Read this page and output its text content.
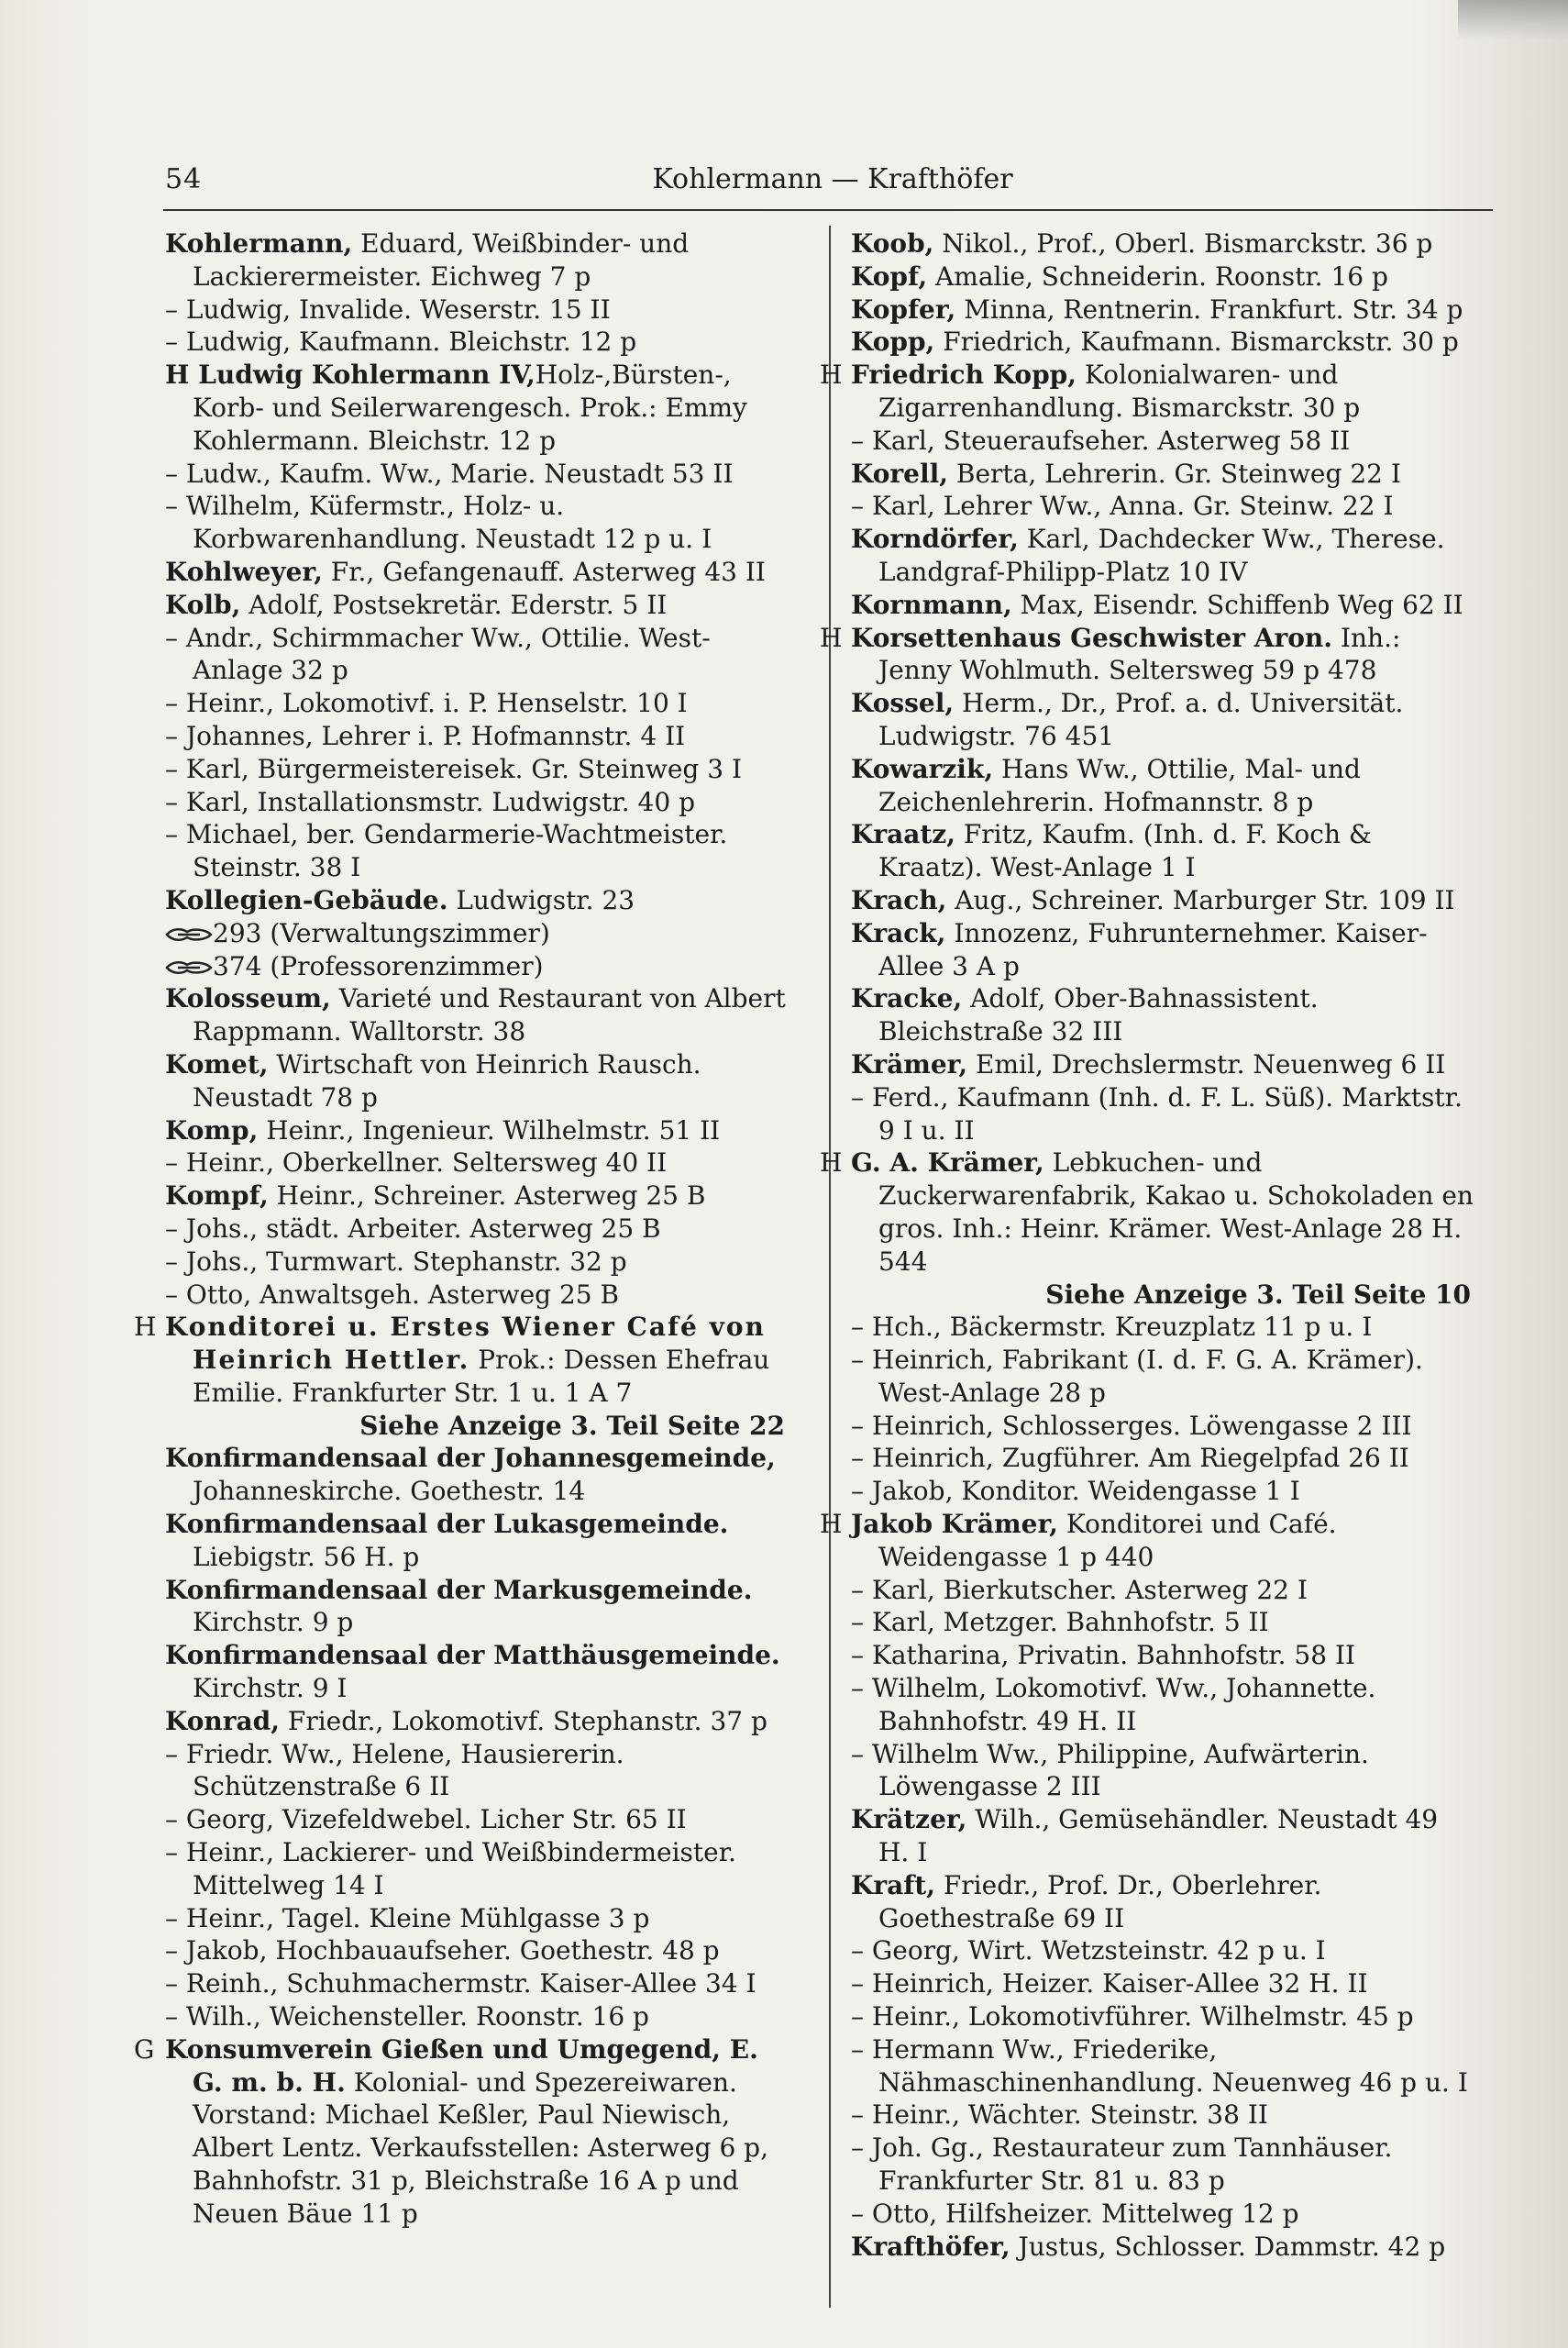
54	Kohlermann — Krafthöfer

Kohlermann, Eduard, Weißbinder- und Lackierermeister. Eichweg 7 p

– Ludwig, Invalide. Weserstr. 15 II

– Ludwig, Kaufmann. Bleichstr. 12 p

H Ludwig Kohlermann IV,Holz-,Bürsten-, Korb- und Seilerwarengesch. Prok.: Emmy Kohlermann. Bleichstr. 12 p

– Ludw., Kaufm. Ww., Marie. Neustadt 53 II

– Wilhelm, Küfermstr., Holz- u. Korbwarenhandlung. Neustadt 12 p u. I

Kohlweyer, Fr., Gefangenauff. Asterweg 43 II

Kolb, Adolf, Postsekretär. Ederstr. 5 II

– Andr., Schirmmacher Ww., Ottilie. West-Anlage 32 p

– Heinr., Lokomotivf. i. P. Henselstr. 10 I

– Johannes, Lehrer i. P. Hofmannstr. 4 II

– Karl, Bürgermeistereisek. Gr. Steinweg 3 I

– Karl, Installationsmstr. Ludwigstr. 40 p

– Michael, ber. Gendarmerie-Wachtmeister. Steinstr. 38 I

Kollegien-Gebäude. Ludwigstr. 23

293 (Verwaltungszimmer)

374 (Professorenzimmer)

Kolosseum, Varieté und Restaurant von Albert Rappmann. Walltorstr. 38

Komet, Wirtschaft von Heinrich Rausch. Neustadt 78 p

Komp, Heinr., Ingenieur. Wilhelmstr. 51 II

– Heinr., Oberkellner. Seltersweg 40 II

Kompf, Heinr., Schreiner. Asterweg 25 B

– Johs., städt. Arbeiter. Asterweg 25 B

– Johs., Turmwart. Stephanstr. 32 p

– Otto, Anwaltsgeh. Asterweg 25 B

H Konditorei u. Erstes Wiener Café von Heinrich Hettler. Prok.: Dessen Ehefrau Emilie. Frankfurter Str. 1 u. 1 A 7

Siehe Anzeige 3. Teil Seite 22

Konfirmandensaal der Johannesgemeinde, Johanneskirche. Goethestr. 14

Konfirmandensaal der Lukasgemeinde. Liebigstr. 56 H. p

Konfirmandensaal der Markusgemeinde. Kirchstr. 9 p

Konfirmandensaal der Matthäusgemeinde. Kirchstr. 9 I

Konrad, Friedr., Lokomotivf. Stephanstr. 37 p

– Friedr. Ww., Helene, Hausiererin. Schützenstraße 6 II

– Georg, Vizefeldwebel. Licher Str. 65 II

– Heinr., Lackierer- und Weißbindermeister. Mittelweg 14 I

– Heinr., Tagel. Kleine Mühlgasse 3 p

– Jakob, Hochbauaufseher. Goethestr. 48 p

– Reinh., Schuhmachermstr. Kaiser-Allee 34 I

– Wilh., Weichensteller. Roonstr. 16 p

G Konsumverein Gießen und Umgegend, E. G. m. b. H. Kolonial- und Spezereiwaren. Vorstand: Michael Keßler, Paul Niewisch, Albert Lentz. Verkaufsstellen: Asterweg 6 p, Bahnhofstr. 31 p, Bleichstraße 16 A p und Neuen Bäue 11 p

Koob, Nikol., Prof., Oberl. Bismarckstr. 36 p

Kopf, Amalie, Schneiderin. Roonstr. 16 p

Kopfer, Minna, Rentnerin. Frankfurt. Str. 34 p

Kopp, Friedrich, Kaufmann. Bismarckstr. 30 p

H Friedrich Kopp, Kolonialwaren- und Zigarrenhandlung. Bismarckstr. 30 p

– Karl, Steueraufseher. Asterweg 58 II

Korell, Berta, Lehrerin. Gr. Steinweg 22 I

– Karl, Lehrer Ww., Anna. Gr. Steinw. 22 I

Korndörfer, Karl, Dachdecker Ww., Therese. Landgraf-Philipp-Platz 10 IV

Kornmann, Max, Eisendr. Schiffenb Weg 62 II

H Korsettenhaus Geschwister Aron. Inh.: Jenny Wohlmuth. Seltersweg 59 p 478

Kossel, Herm., Dr., Prof. a. d. Universität. Ludwigstr. 76 451

Kowarzik, Hans Ww., Ottilie, Mal- und Zeichenlehrerin. Hofmannstr. 8 p

Kraatz, Fritz, Kaufm. (Inh. d. F. Koch & Kraatz). West-Anlage 1 I

Krach, Aug., Schreiner. Marburger Str. 109 II

Krack, Innozenz, Fuhrunternehmer. Kaiser-Allee 3 A p

Kracke, Adolf, Ober-Bahnassistent. Bleichstraße 32 III

Krämer, Emil, Drechslermstr. Neuenweg 6 II

– Ferd., Kaufmann (Inh. d. F. L. Süß). Marktstr. 9 I u. II

H G. A. Krämer, Lebkuchen- und Zuckerwarenfabrik, Kakao u. Schokoladen en gros. Inh.: Heinr. Krämer. West-Anlage 28 H. 544

Siehe Anzeige 3. Teil Seite 10

– Hch., Bäckermstr. Kreuzplatz 11 p u. I

– Heinrich, Fabrikant (I. d. F. G. A. Krämer). West-Anlage 28 p

– Heinrich, Schlosserges. Löwengasse 2 III

– Heinrich, Zugführer. Am Riegelpfad 26 II

– Jakob, Konditor. Weidengasse 1 I

H Jakob Krämer, Konditorei und Café. Weidengasse 1 p 440

– Karl, Bierkutscher. Asterweg 22 I

– Karl, Metzger. Bahnhofstr. 5 II

– Katharina, Privatin. Bahnhofstr. 58 II

– Wilhelm, Lokomotivf. Ww., Johannette. Bahnhofstr. 49 H. II

– Wilhelm Ww., Philippine, Aufwärterin. Löwengasse 2 III

Krätzer, Wilh., Gemüsehändler. Neustadt 49 H. I

Kraft, Friedr., Prof. Dr., Oberlehrer. Goethestraße 69 II

– Georg, Wirt. Wetzsteinstr. 42 p u. I

– Heinrich, Heizer. Kaiser-Allee 32 H. II

– Heinr., Lokomotivführer. Wilhelmstr. 45 p

– Hermann Ww., Friederike, Nähmaschinenhandlung. Neuenweg 46 p u. I

– Heinr., Wächter. Steinstr. 38 II

– Joh. Gg., Restaurateur zum Tannhäuser. Frankfurter Str. 81 u. 83 p

– Otto, Hilfsheizer. Mittelweg 12 p

Krafthöfer, Justus, Schlosser. Dammstr. 42 p
